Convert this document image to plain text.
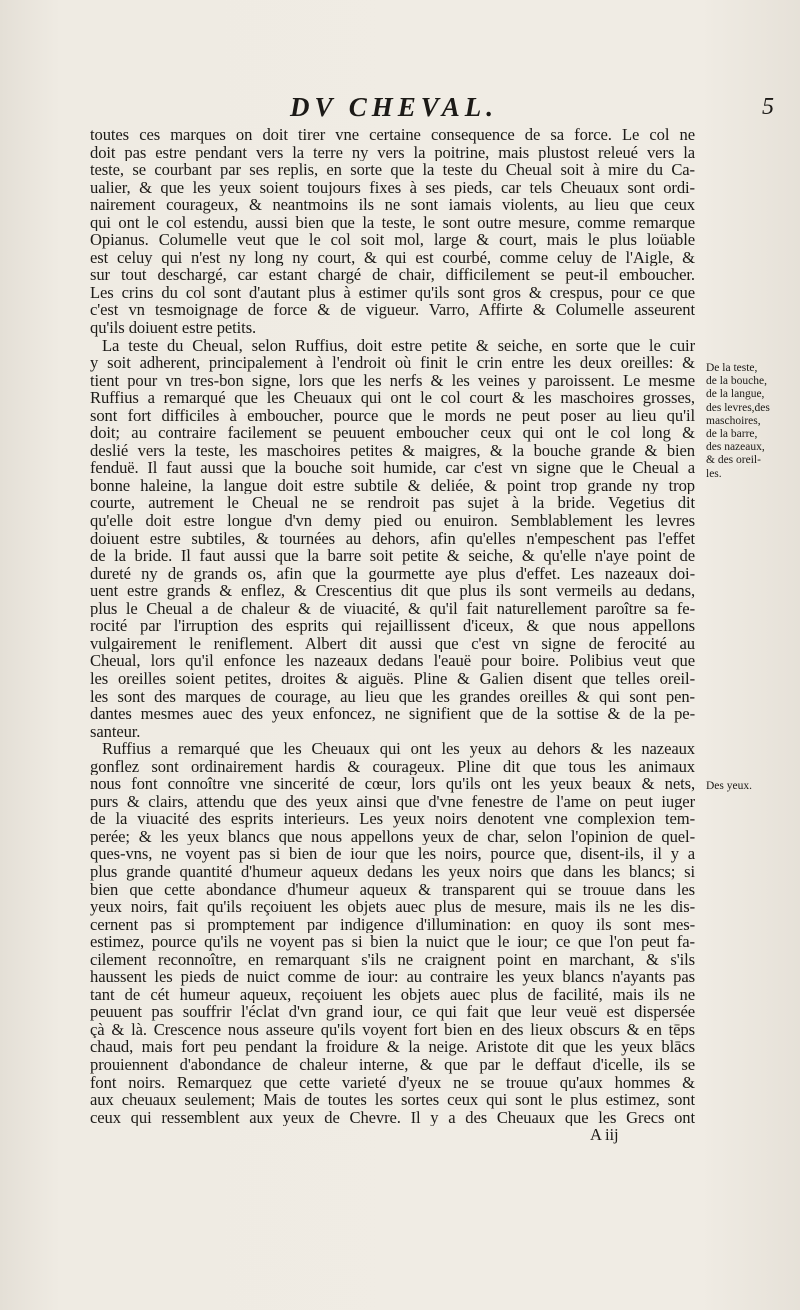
DV CHEVAL.	5
toutes ces marques on doit tirer vne certaine consequence de sa force. Le col ne
doit pas estre pendant vers la terre ny vers la poitrine, mais plustost releué vers la
teste, se courbant par ses replis, en sorte que la teste du Cheual soit à mire du Ca-
ualier, & que les yeux soient toujours fixes à ses pieds, car tels Cheuaux sont ordi-
nairement courageux, & neantmoins ils ne sont iamais violents, au lieu que ceux
qui ont le col estendu, aussi bien que la teste, le sont outre mesure, comme remarque
Opianus. Columelle veut que le col soit mol, large & court, mais le plus loüable
est celuy qui n'est ny long ny court, & qui est courbé, comme celuy de l'Aigle, &
sur tout deschargé, car estant chargé de chair, difficilement se peut-il emboucher.
Les crins du col sont d'autant plus à estimer qu'ils sont gros & crespus, pour ce que
c'est vn tesmoignage de force & de vigueur. Varro, Affirte & Columelle asseurent
qu'ils doiuent estre petits.
La teste du Cheual, selon Ruffius, doit estre petite & seiche, en sorte que le cuir
y soit adherent, principalement à l'endroit où finit le crin entre les deux oreilles: &
tient pour vn tres-bon signe, lors que les nerfs & les veines y paroissent. Le mesme
Ruffius a remarqué que les Cheuaux qui ont le col court & les maschoires grosses,
sont fort difficiles à emboucher, pource que le mords ne peut poser au lieu qu'il
doit; au contraire facilement se peuuent emboucher ceux qui ont le col long &
deslié vers la teste, les maschoires petites & maigres, & la bouche grande & bien
fenduë. Il faut aussi que la bouche soit humide, car c'est vn signe que le Cheual a
bonne haleine, la langue doit estre subtile & deliée, & point trop grande ny trop
courte, autrement le Cheual ne se rendroit pas sujet à la bride. Vegetius dit
qu'elle doit estre longue d'vn demy pied ou enuiron. Semblablement les levres
doiuent estre subtiles, & tournées au dehors, afin qu'elles n'empeschent pas l'effet
de la bride. Il faut aussi que la barre soit petite & seiche, & qu'elle n'aye point de
dureté ny de grands os, afin que la gourmette aye plus d'effet. Les nazeaux doi-
uent estre grands & enflez, & Crescentius dit que plus ils sont vermeils au dedans,
plus le Cheual a de chaleur & de viuacité, & qu'il fait naturellement paroître sa fe-
rocité par l'irruption des esprits qui rejaillissent d'iceux, & que nous appellons
vulgairement le reniflement. Albert dit aussi que c'est vn signe de ferocité au
Cheual, lors qu'il enfonce les nazeaux dedans l'eauë pour boire. Polibius veut que
les oreilles soient petites, droites & aiguës. Pline & Galien disent que telles oreil-
les sont des marques de courage, au lieu que les grandes oreilles & qui sont pen-
dantes mesmes auec des yeux enfoncez, ne signifient que de la sottise & de la pe-
santeur.
Ruffius a remarqué que les Cheuaux qui ont les yeux au dehors & les nazeaux
gonflez sont ordinairement hardis & courageux. Pline dit que tous les animaux
nous font connoître vne sincerité de cœur, lors qu'ils ont les yeux beaux & nets,
purs & clairs, attendu que des yeux ainsi que d'vne fenestre de l'ame on peut iuger
de la viuacité des esprits interieurs. Les yeux noirs denotent vne complexion tem-
perée; & les yeux blancs que nous appellons yeux de char, selon l'opinion de quel-
ques-vns, ne voyent pas si bien de iour que les noirs, pource que, disent-ils, il y a
plus grande quantité d'humeur aqueux dedans les yeux noirs que dans les blancs; si
bien que cette abondance d'humeur aqueux & transparent qui se trouue dans les
yeux noirs, fait qu'ils reçoiuent les objets auec plus de mesure, mais ils ne les dis-
cernent pas si promptement par indigence d'illumination: en quoy ils sont mes-
estimez, pource qu'ils ne voyent pas si bien la nuict que le iour; ce que l'on peut fa-
cilement reconnoître, en remarquant s'ils ne craignent point en marchant, & s'ils
haussent les pieds de nuict comme de iour: au contraire les yeux blancs n'ayants pas
tant de cét humeur aqueux, reçoiuent les objets auec plus de facilité, mais ils ne
peuuent pas souffrir l'éclat d'vn grand iour, ce qui fait que leur veuë est dispersée
çà & là. Crescence nous asseure qu'ils voyent fort bien en des lieux obscurs & en tēps
chaud, mais fort peu pendant la froidure & la neige. Aristote dit que les yeux blācs
prouiennent d'abondance de chaleur interne, & que par le deffaut d'icelle, ils se
font noirs. Remarquez que cette varieté d'yeux ne se trouue qu'aux hommes &
aux cheuaux seulement; Mais de toutes les sortes ceux qui sont le plus estimez, sont
ceux qui ressemblent aux yeux de Chevre. Il y a des Cheuaux que les Grecs ont
A iij
De la teste,
de la bouche,
de la langue,
des levres,des
maschoires,
de la barre,
des nazeaux,
& des oreil-
les.
Des yeux.
